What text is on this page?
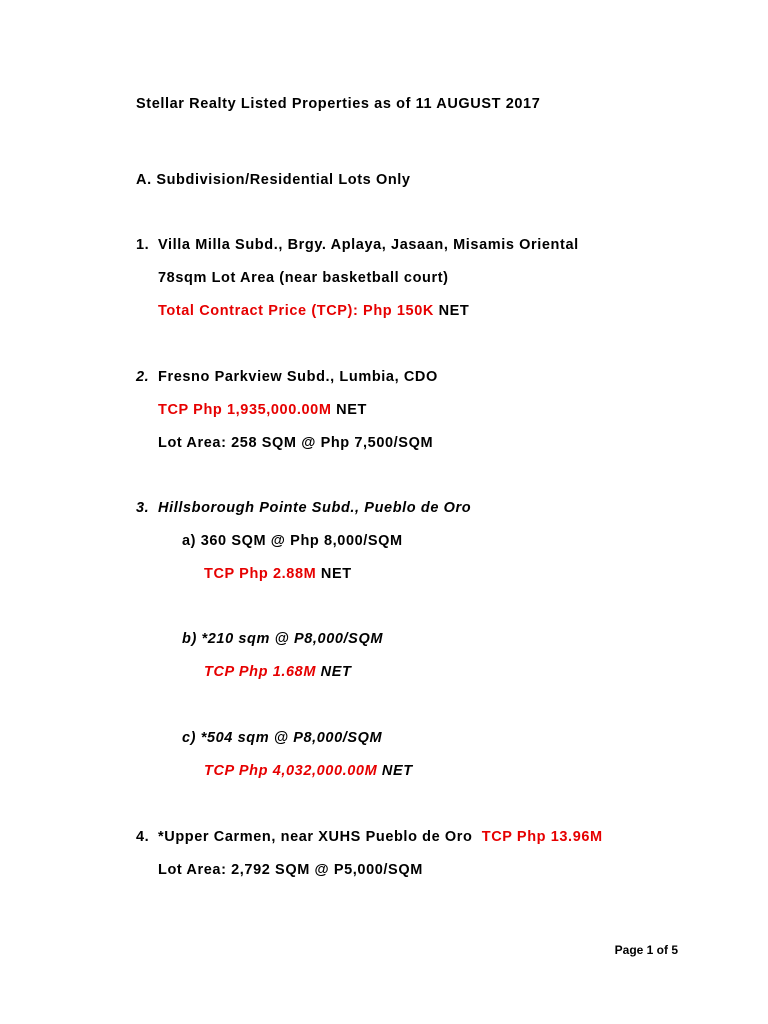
Stellar Realty Listed Properties as of 11 AUGUST 2017
A. Subdivision/Residential Lots Only
1. Villa Milla Subd., Brgy. Aplaya, Jasaan, Misamis Oriental
78sqm Lot Area (near basketball court)
Total Contract Price (TCP): Php 150K NET
2. Fresno Parkview Subd., Lumbia, CDO
TCP Php 1,935,000.00M NET
Lot Area: 258 SQM @ Php 7,500/SQM
3. Hillsborough Pointe Subd., Pueblo de Oro
a) 360 SQM @ Php 8,000/SQM
TCP Php 2.88M NET
b) *210 sqm @ P8,000/SQM
TCP Php 1.68M NET
c) *504 sqm @ P8,000/SQM
TCP Php 4,032,000.00M NET
4. *Upper Carmen, near XUHS Pueblo de Oro TCP Php 13.96M
Lot Area: 2,792 SQM @ P5,000/SQM
Page 1 of 5
